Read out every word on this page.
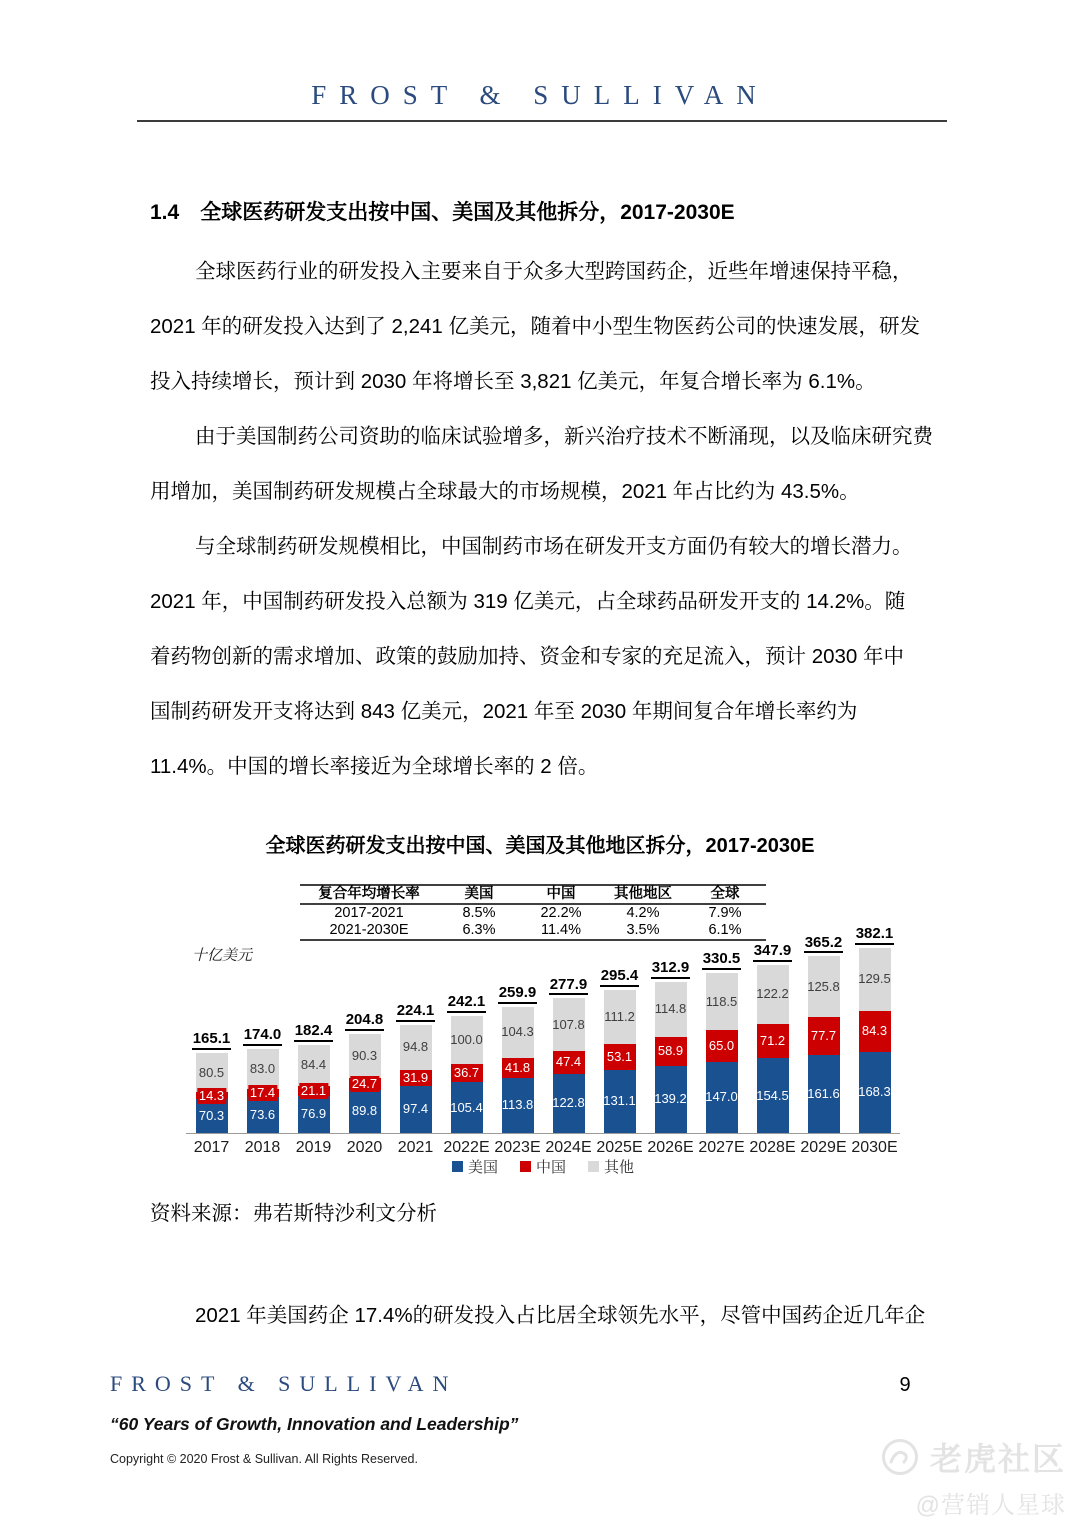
FROST & SULLIVAN
1.4　全球医药研发支出按中国、美国及其他拆分，2017-2030E
全球医药行业的研发投入主要来自于众多大型跨国药企，近些年增速保持平稳，
2021 年的研发投入达到了 2,241 亿美元，随着中小型生物医药公司的快速发展，研发
投入持续增长，预计到 2030 年将增长至 3,821 亿美元，年复合增长率为 6.1%。
由于美国制药公司资助的临床试验增多，新兴治疗技术不断涌现，以及临床研究费
用增加，美国制药研发规模占全球最大的市场规模，2021 年占比约为 43.5%。
与全球制药研发规模相比，中国制药市场在研发开支方面仍有较大的增长潜力。
2021 年，中国制药研发投入总额为 319 亿美元，占全球药品研发开支的 14.2%。随
着药物创新的需求增加、政策的鼓励加持、资金和专家的充足流入，预计 2030 年中
国制药研发开支将达到 843 亿美元，2021 年至 2030 年期间复合年增长率约为
11.4%。中国的增长率接近为全球增长率的 2 倍。
全球医药研发支出按中国、美国及其他地区拆分，2017-2030E
复合年均增长率	美国	中国	其他地区	全球
2017-2021	8.5%	22.2%	4.2%	7.9%
2021-2030E	6.3%	11.4%	3.5%	6.1%
十亿美元
165.1
80.5
14.3
70.3
174.0
83.0
17.4
73.6
182.4
84.4
21.1
76.9
204.8
90.3
24.7
89.8
224.1
94.8
31.9
97.4
242.1
100.0
36.7
105.4
259.9
104.3
41.8
113.8
277.9
107.8
47.4
122.8
295.4
111.2
53.1
131.1
312.9
114.8
58.9
139.2
330.5
118.5
65.0
147.0
347.9
122.2
71.2
154.5
365.2
125.8
77.7
161.6
382.1
129.5
84.3
168.3
2017 2018 2019 2020 2021 2022E 2023E 2024E 2025E 2026E 2027E 2028E 2029E 2030E
美国	中国	其他
资料来源：弗若斯特沙利文分析
2021 年美国药企 17.4%的研发投入占比居全球领先水平，尽管中国药企近几年企
FROST & SULLIVAN
“60 Years of Growth, Innovation and Leadership”
Copyright © 2020 Frost & Sullivan. All Rights Reserved.
9
老虎社区
@营销人星球
